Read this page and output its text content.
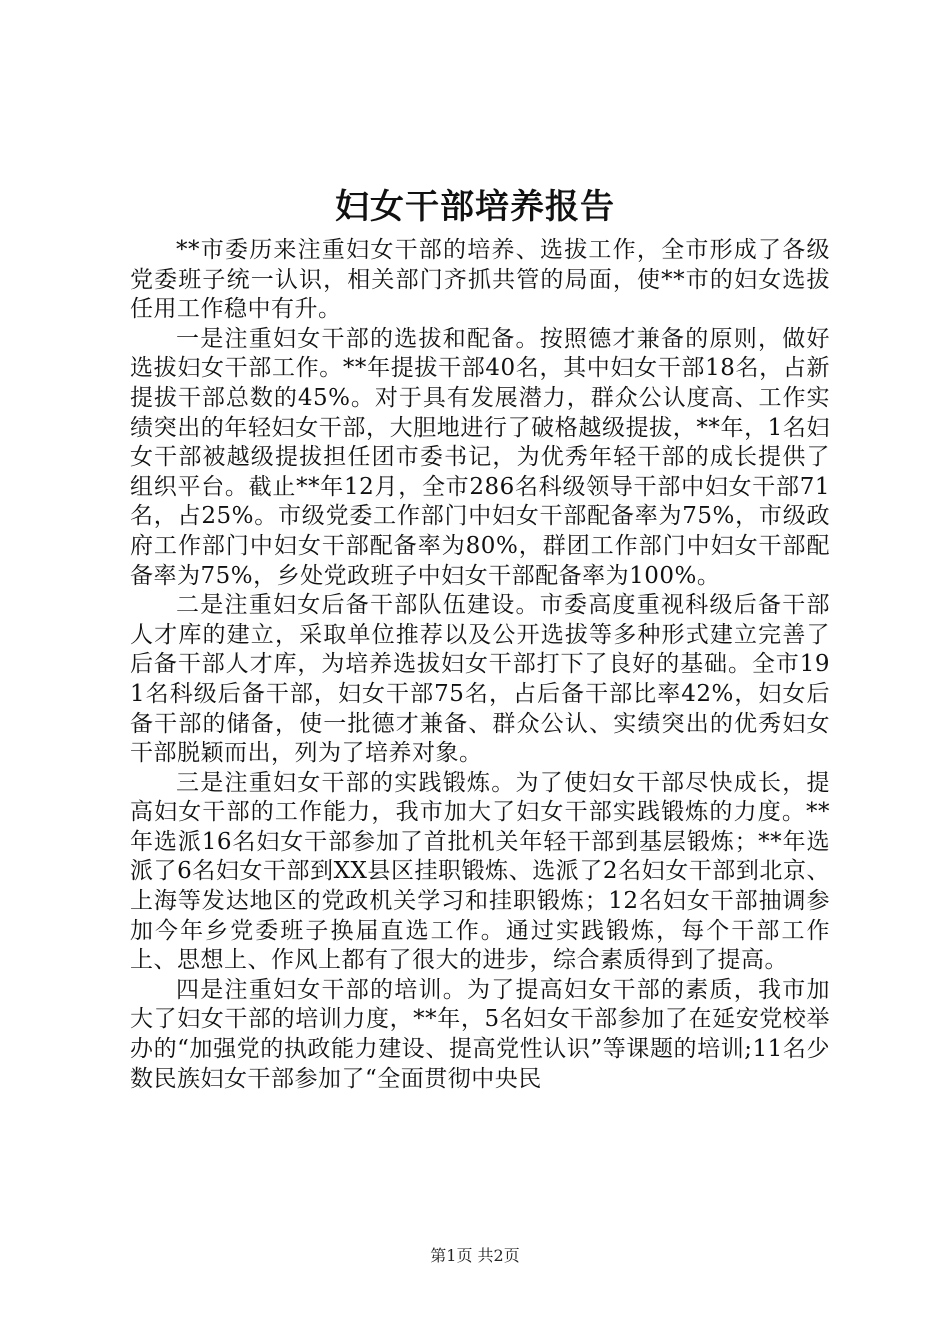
妇女干部培养报告

**市委历来注重妇女干部的培养、选拔工作，全市形成了各级党委班子统一认识，相关部门齐抓共管的局面，使**市的妇女选拔任用工作稳中有升。

一是注重妇女干部的选拔和配备。按照德才兼备的原则，做好选拔妇女干部工作。**年提拔干部40名，其中妇女干部18名，占新提拔干部总数的45%。对于具有发展潜力，群众公认度高、工作实绩突出的年轻妇女干部，大胆地进行了破格越级提拔，**年，1名妇女干部被越级提拔担任团市委书记，为优秀年轻干部的成长提供了组织平台。截止**年12月，全市286名科级领导干部中妇女干部71名，占25%。市级党委工作部门中妇女干部配备率为75%，市级政府工作部门中妇女干部配备率为80%，群团工作部门中妇女干部配备率为75%，乡处党政班子中妇女干部配备率为100%。

二是注重妇女后备干部队伍建设。市委高度重视科级后备干部人才库的建立，采取单位推荐以及公开选拔等多种形式建立完善了后备干部人才库，为培养选拔妇女干部打下了良好的基础。全市191名科级后备干部，妇女干部75名，占后备干部比率42%，妇女后备干部的储备，使一批德才兼备、群众公认、实绩突出的优秀妇女干部脱颖而出，列为了培养对象。

三是注重妇女干部的实践锻炼。为了使妇女干部尽快成长，提高妇女干部的工作能力，我市加大了妇女干部实践锻炼的力度。**年选派16名妇女干部参加了首批机关年轻干部到基层锻炼；**年选派了6名妇女干部到XX县区挂职锻炼、选派了2名妇女干部到北京、上海等发达地区的党政机关学习和挂职锻炼；12名妇女干部抽调参加今年乡党委班子换届直选工作。通过实践锻炼，每个干部工作上、思想上、作风上都有了很大的进步，综合素质得到了提高。

四是注重妇女干部的培训。为了提高妇女干部的素质，我市加大了妇女干部的培训力度，**年，5名妇女干部参加了在延安党校举办的“加强党的执政能力建设、提高党性认识”等课题的培训;11名少数民族妇女干部参加了“全面贯彻中央民

第1页 共2页
